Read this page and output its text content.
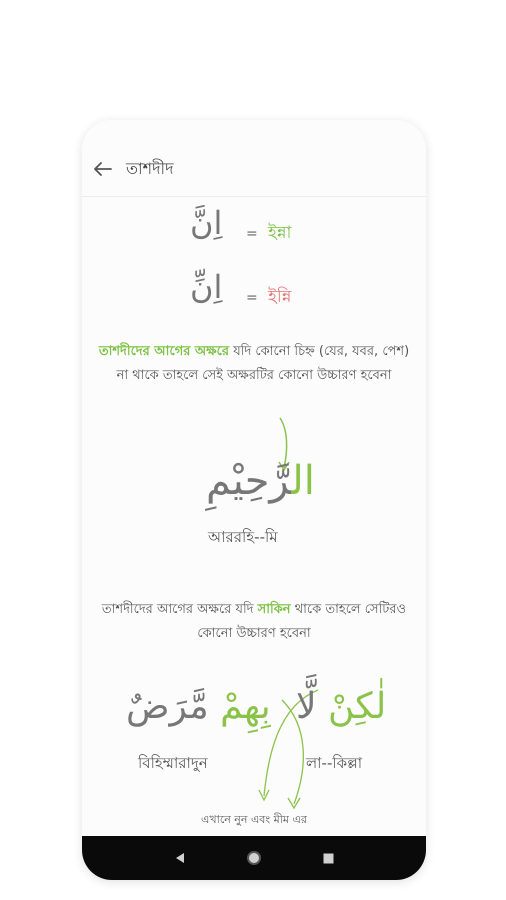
তাশদীদ
اِنَّ = ইন্না
اِنِّ = ইন্নি
তাশদীদের আগের অক্ষরে যদি কোনো চিহ্ন (যের, যবর, পেশ) না থাকে তাহলে সেই অক্ষরটির কোনো উচ্চারণ হবেনা
الرَّحِيْمِ
আররহি--মি
তাশদীদের আগের অক্ষরে যদি সাকিন থাকে তাহলে সেটিরও কোনো উচ্চারণ হবেনা
بِهِمْ مَّرَضٌ
বিহিম্মারাদুন
لٰكِنْ لَّا
লা--কিল্লা
এখানে নুন এবং মীম এর
